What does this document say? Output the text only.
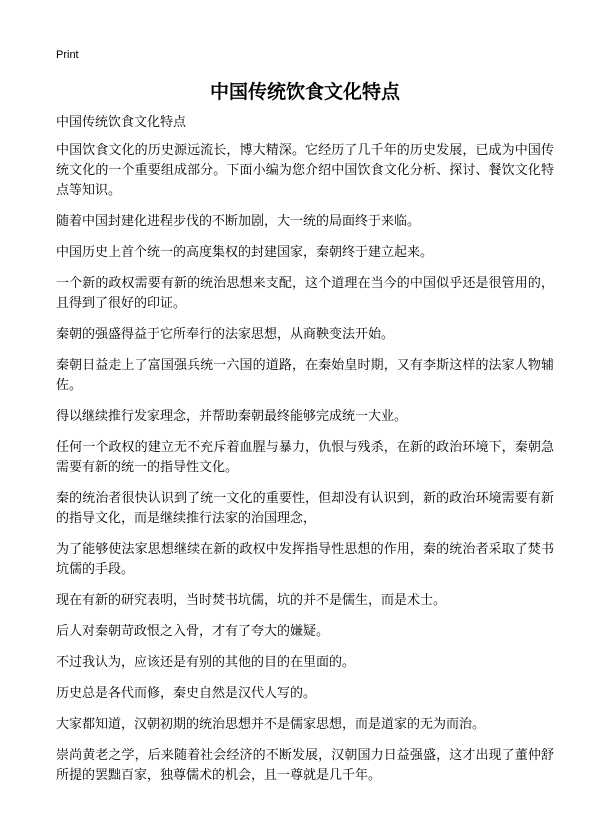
Print
中国传统饮食文化特点

中国传统饮食文化特点

中国饮食文化的历史源远流长，博大精深。它经历了几千年的历史发展，已成为中国传统文化的一个重要组成部分。下面小编为您介绍中国饮食文化分析、探讨、餐饮文化特点等知识。

随着中国封建化进程步伐的不断加剧，大一统的局面终于来临。

中国历史上首个统一的高度集权的封建国家，秦朝终于建立起来。

一个新的政权需要有新的统治思想来支配，这个道理在当今的中国似乎还是很管用的，且得到了很好的印证。

秦朝的强盛得益于它所奉行的法家思想，从商鞅变法开始。

秦朝日益走上了富国强兵统一六国的道路，在秦始皇时期，又有李斯这样的法家人物辅佐。

得以继续推行发家理念，并帮助秦朝最终能够完成统一大业。

任何一个政权的建立无不充斥着血腥与暴力，仇恨与残杀，在新的政治环境下，秦朝急需要有新的统一的指导性文化。

秦的统治者很快认识到了统一文化的重要性，但却没有认识到，新的政治环境需要有新的指导文化，而是继续推行法家的治国理念，

为了能够使法家思想继续在新的政权中发挥指导性思想的作用，秦的统治者采取了焚书坑儒的手段。

现在有新的研究表明，当时焚书坑儒，坑的并不是儒生，而是术士。

后人对秦朝苛政恨之入骨，才有了夸大的嫌疑。

不过我认为，应该还是有别的其他的目的在里面的。

历史总是各代而修，秦史自然是汉代人写的。

大家都知道，汉朝初期的统治思想并不是儒家思想，而是道家的无为而治。

崇尚黄老之学，后来随着社会经济的不断发展，汉朝国力日益强盛，这才出现了董仲舒所提的罢黜百家，独尊儒术的机会，且一尊就是几千年。
